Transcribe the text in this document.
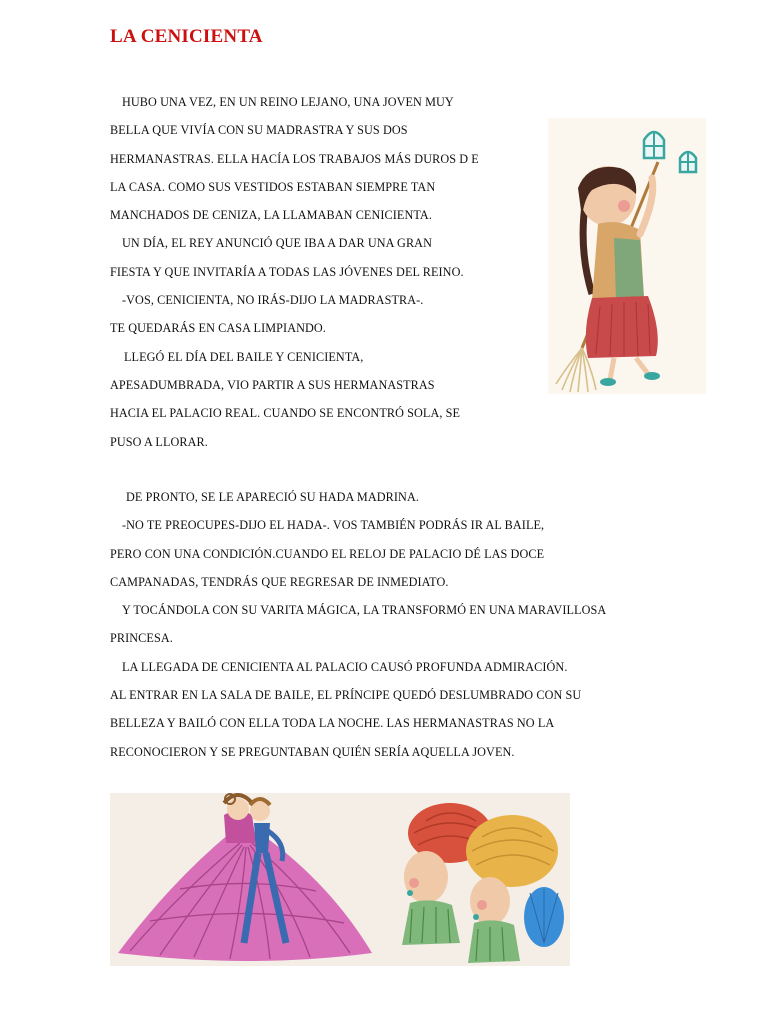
LA CENICIENTA
HUBO UNA VEZ, EN UN REINO LEJANO, UNA JOVEN MUY
BELLA QUE VIVÍA CON SU MADRASTRA Y SUS DOS
HERMANASTRAS. ELLA HACÍA LOS TRABAJOS MÁS DUROS D E
LA CASA. COMO SUS VESTIDOS ESTABAN SIEMPRE TAN
MANCHADOS DE CENIZA, LA LLAMABAN CENICIENTA.
UN DÍA, EL REY ANUNCIÓ QUE IBA A DAR UNA GRAN
FIESTA Y QUE INVITARÍA A TODAS LAS JÓVENES DEL REINO.
-VOS, CENICIENTA, NO IRÁS-DIJO LA MADRASTRA-.
TE QUEDARÁS EN CASA LIMPIANDO.
LLEGÓ EL DÍA DEL BAILE Y CENICIENTA,
APESADUMBRADA, VIO PARTIR A SUS HERMANASTRAS
HACIA EL PALACIO REAL. CUANDO SE ENCONTRÓ SOLA, SE
PUSO A LLORAR.
DE PRONTO, SE LE APARECIÓ SU HADA MADRINA.
-NO TE PREOCUPES-DIJO EL HADA-. VOS TAMBIÉN PODRÁS IR AL BAILE,
PERO CON UNA CONDICIÓN.CUANDO EL RELOJ DE PALACIO DÉ LAS DOCE
CAMPANADAS, TENDRÁS QUE REGRESAR DE INMEDIATO.
Y TOCÁNDOLA CON SU VARITA MÁGICA, LA TRANSFORMÓ EN UNA MARAVILLOSA
PRINCESA.
LA LLEGADA DE CENICIENTA AL PALACIO CAUSÓ PROFUNDA ADMIRACIÓN.
AL ENTRAR EN LA SALA DE BAILE, EL PRÍNCIPE QUEDÓ DESLUMBRADO CON SU
BELLEZA Y BAILÓ CON ELLA TODA LA NOCHE. LAS HERMANASTRAS NO LA
RECONOCIERON Y SE PREGUNTABAN QUIÉN SERÍA AQUELLA JOVEN.
